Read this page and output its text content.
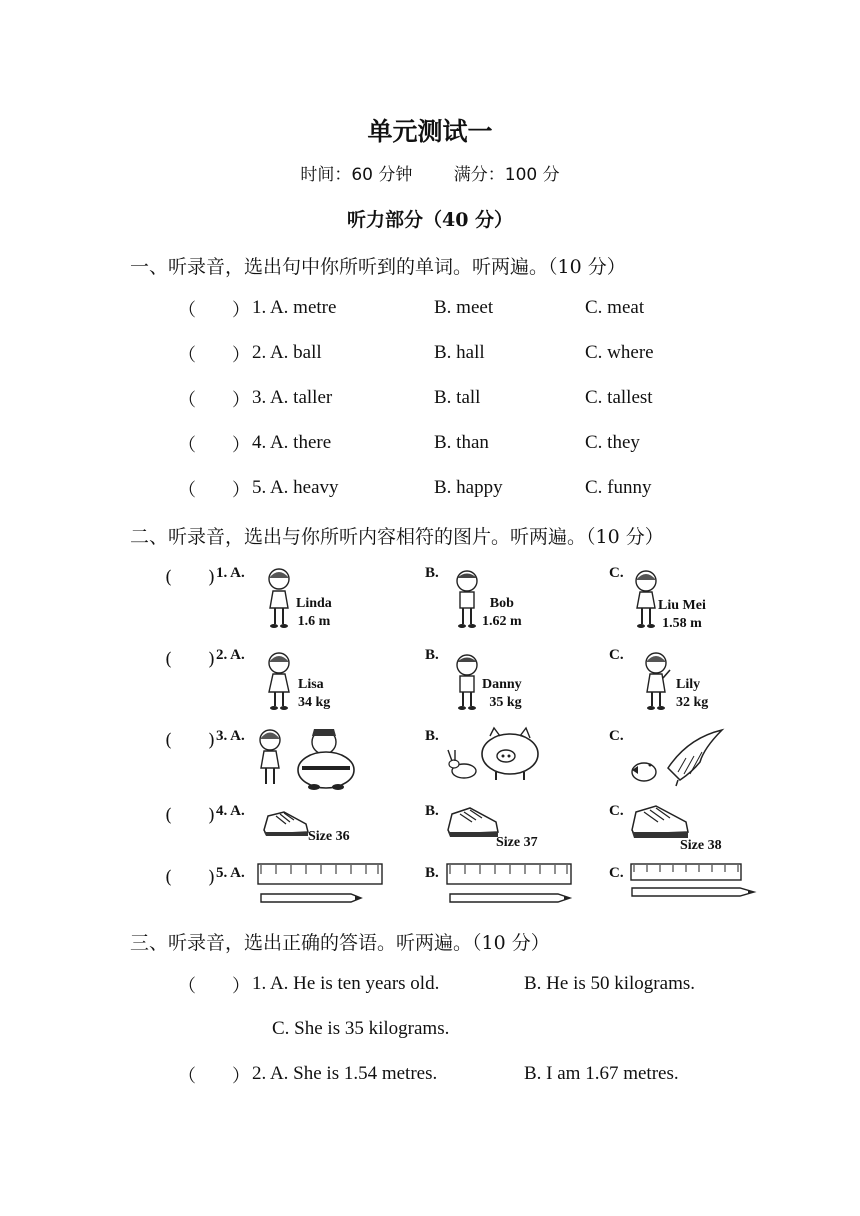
单元测试一
时间：60 分钟 满分：100 分
听力部分（40 分）
一、听录音，选出句中你所听到的单词。听两遍。（10 分）
（　　） 1. A. metre	B. meet	C. meat
（　　） 2. A. ball	B. hall	C. where
（　　） 3. A. taller	B. tall	C. tallest
（　　） 4. A. there	B. than	C. they
（　　） 5. A. heavy	B. happy	C. funny
二、听录音，选出与你所听内容相符的图片。听两遍。（10 分）
(　　) 1. A.	B.	C.
Linda
1.6 m
Bob
1.62 m
Liu Mei
1.58 m
(　　) 2. A.	B.	C.
Lisa
34 kg
Danny
35 kg
Lily
32 kg
(　　) 3. A.	B.	C.
(　　) 4. A.	B.	C.
Size 36	Size 37	Size 38
(　　) 5. A.	B.	C.
三、听录音，选出正确的答语。听两遍。（10 分）
（　　） 1. A. He is ten years old.	B. He is 50 kilograms.
C. She is 35 kilograms.
（　　） 2. A. She is 1.54 metres.	B. I am 1.67 metres.
